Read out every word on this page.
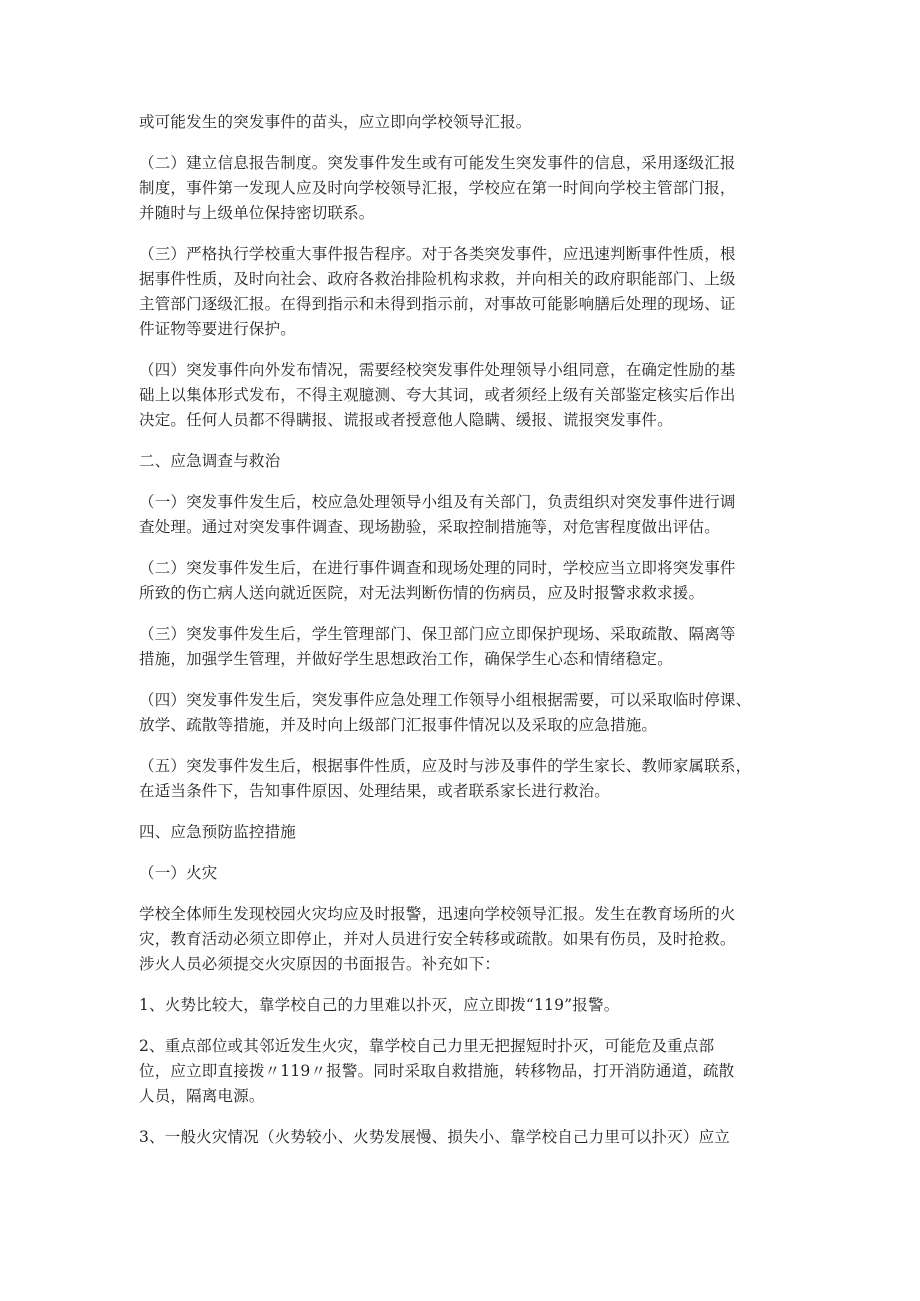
或可能发生的突发事件的苗头，应立即向学校领导汇报。

（二）建立信息报告制度。突发事件发生或有可能发生突发事件的信息，采用逐级汇报
制度，事件第一发现人应及时向学校领导汇报，学校应在第一时间向学校主管部门报，
并随时与上级单位保持密切联系。

（三）严格执行学校重大事件报告程序。对于各类突发事件，应迅速判断事件性质，根
据事件性质，及时向社会、政府各救治排险机构求救，并向相关的政府职能部门、上级
主管部门逐级汇报。在得到指示和未得到指示前，对事故可能影响膳后处理的现场、证
件证物等要进行保护。

（四）突发事件向外发布情况，需要经校突发事件处理领导小组同意，在确定性励的基
础上以集体形式发布，不得主观臆测、夸大其词，或者须经上级有关部鉴定核实后作出
决定。任何人员都不得瞒报、谎报或者授意他人隐瞒、缓报、谎报突发事件。

二、应急调查与救治

（一）突发事件发生后，校应急处理领导小组及有关部门，负责组织对突发事件进行调
查处理。通过对突发事件调查、现场勘验，采取控制措施等，对危害程度做出评估。

（二）突发事件发生后，在进行事件调查和现场处理的同时，学校应当立即将突发事件
所致的伤亡病人送向就近医院，对无法判断伤情的伤病员，应及时报警求救求援。

（三）突发事件发生后，学生管理部门、保卫部门应立即保护现场、采取疏散、隔离等
措施，加强学生管理，并做好学生思想政治工作，确保学生心态和情绪稳定。

（四）突发事件发生后，突发事件应急处理工作领导小组根据需要，可以采取临时停课、
放学、疏散等措施，并及时向上级部门汇报事件情况以及采取的应急措施。

（五）突发事件发生后，根据事件性质，应及时与涉及事件的学生家长、教师家属联系，
在适当条件下，告知事件原因、处理结果，或者联系家长进行救治。

四、应急预防监控措施

（一）火灾

学校全体师生发现校园火灾均应及时报警，迅速向学校领导汇报。发生在教育场所的火
灾，教育活动必须立即停止，并对人员进行安全转移或疏散。如果有伤员，及时抢救。
涉火人员必须提交火灾原因的书面报告。补充如下：

1、火势比较大，靠学校自己的力里难以扑灭，应立即拨“119”报警。

2、重点部位或其邻近发生火灾，靠学校自己力里无把握短时扑灭，可能危及重点部
位，应立即直接拨〃119〃报警。同时采取自救措施，转移物品，打开消防通道，疏散
人员，隔离电源。

3、一般火灾情况（火势较小、火势发展慢、损失小、靠学校自己力里可以扑灭）应立
